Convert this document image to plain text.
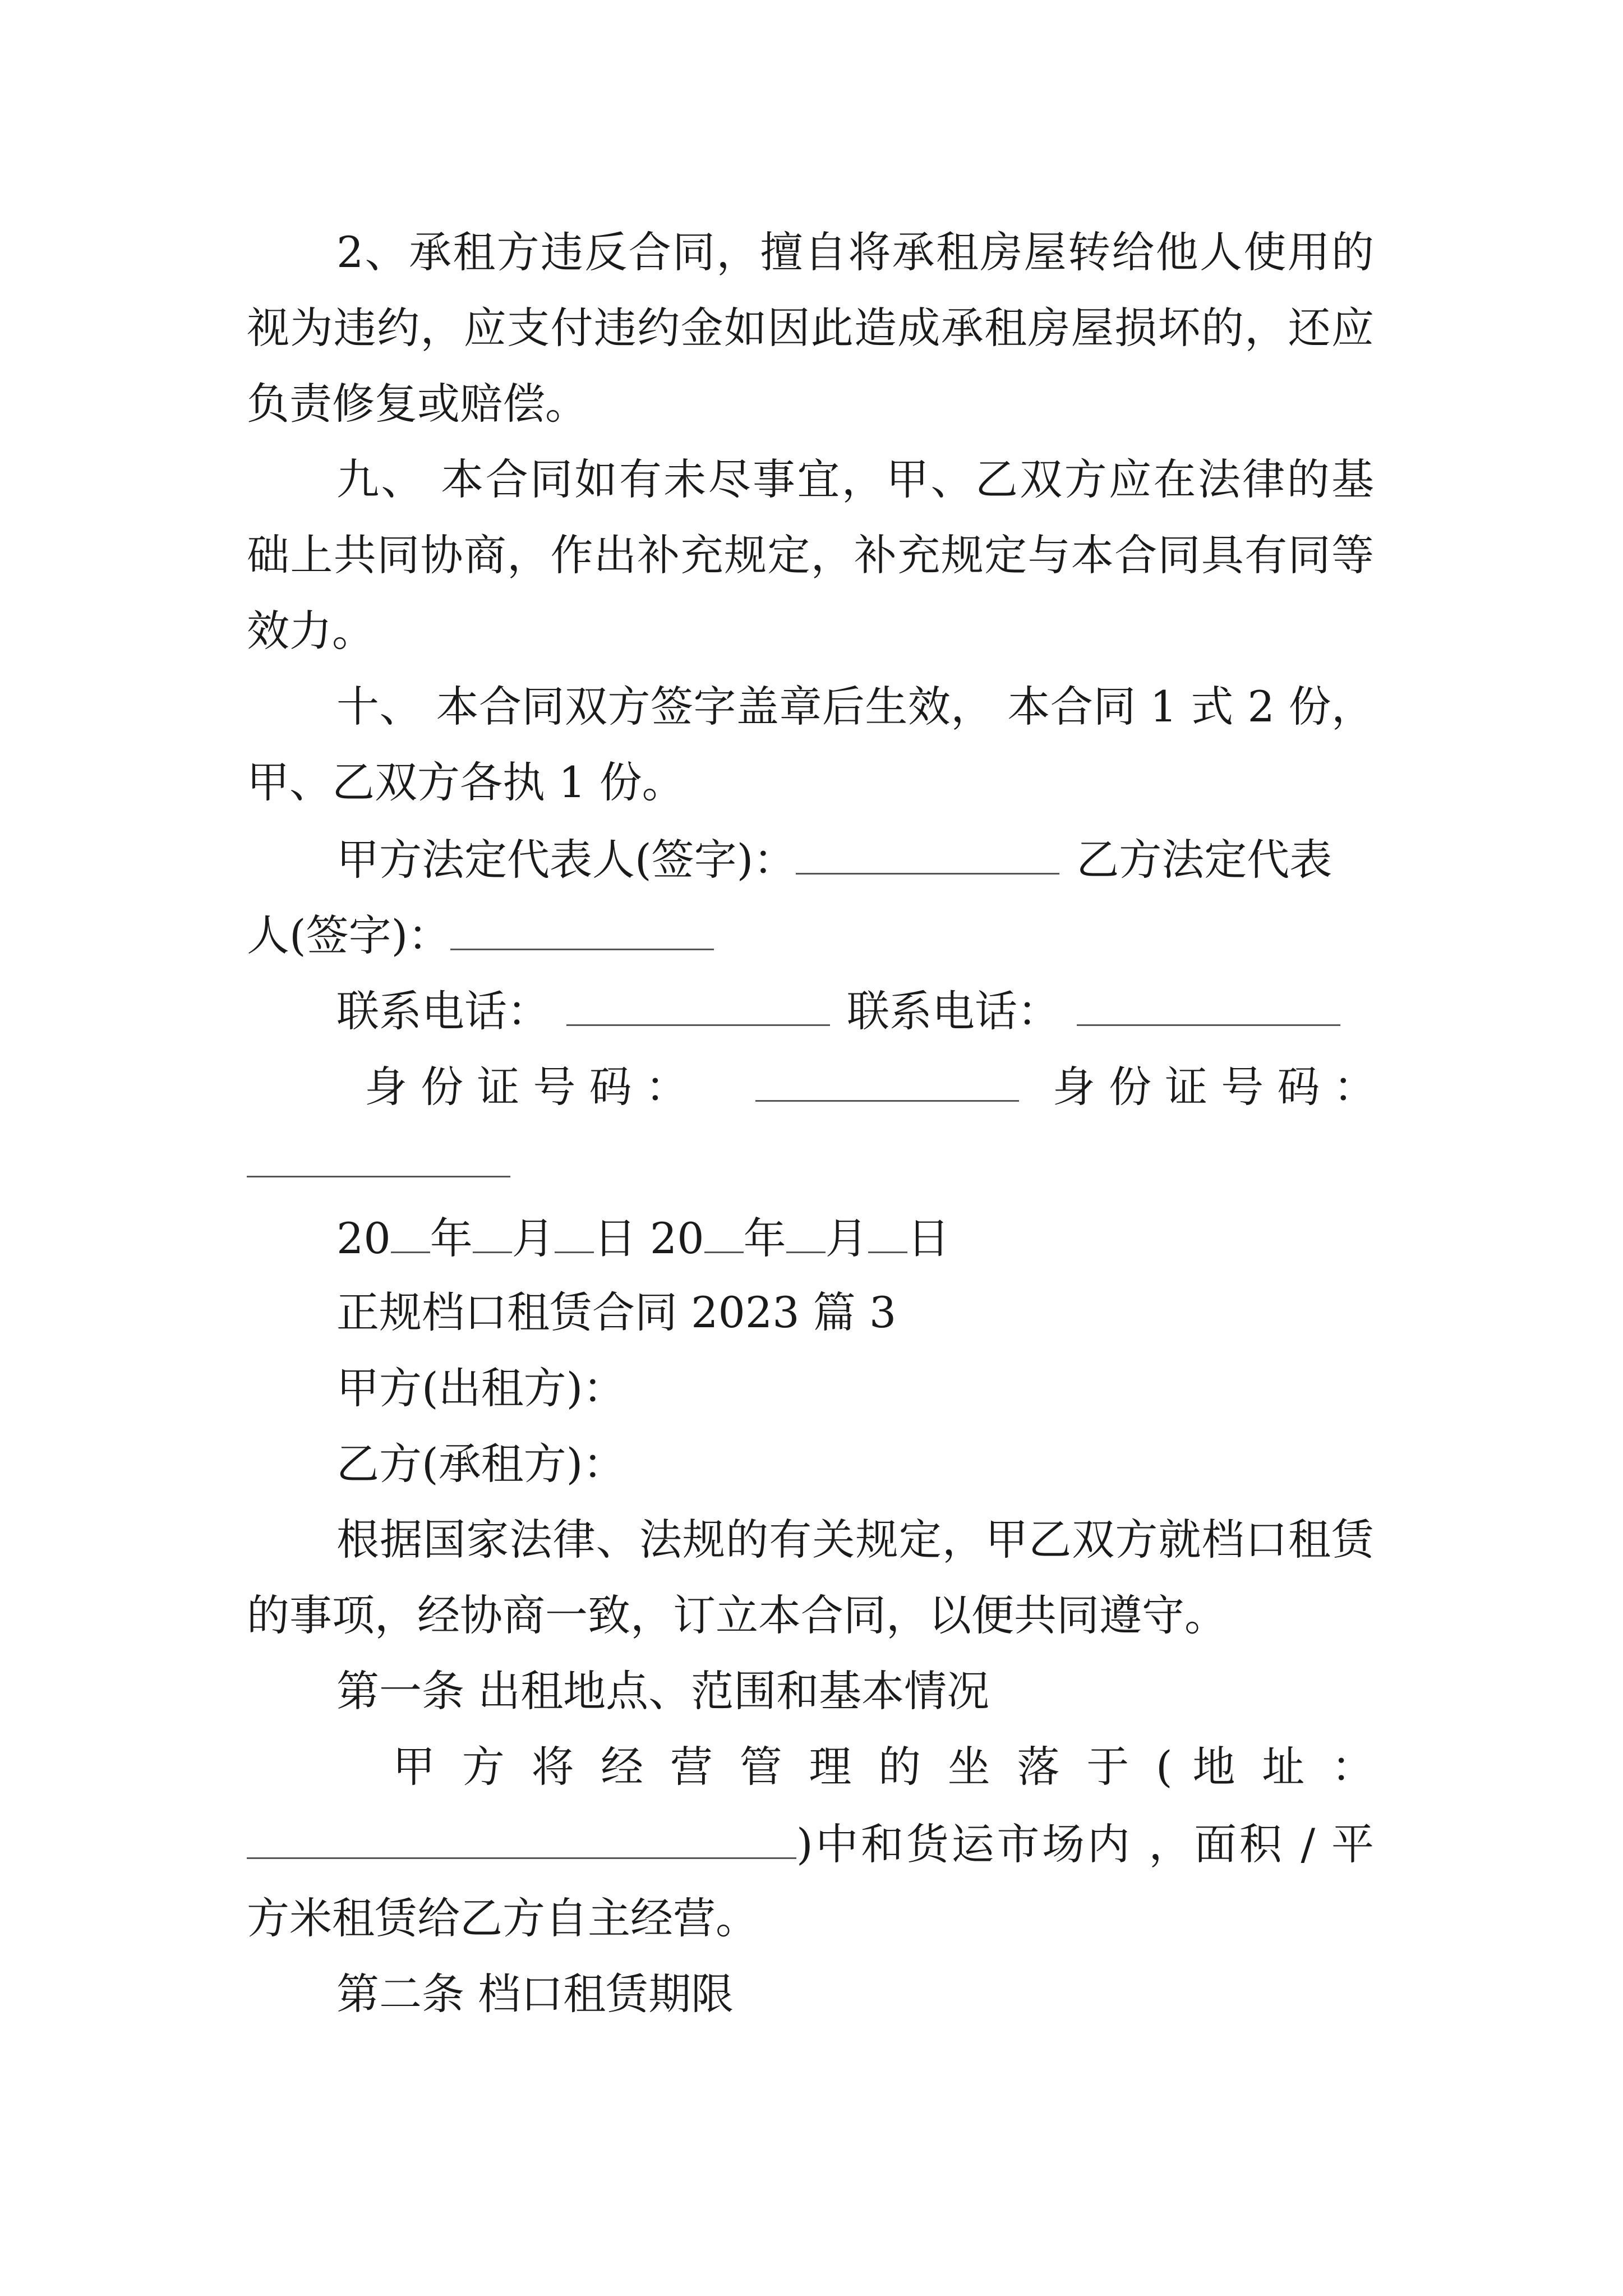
2、承租方违反合同，擅自将承租房屋转给他人使用的
视为违约，应支付违约金如因此造成承租房屋损坏的，还应
负责修复或赔偿。
九、 本合同如有未尽事宜，甲、乙双方应在法律的基
础上共同协商，作出补充规定，补充规定与本合同具有同等
效力。
十、 本合同双方签字盖章后生效， 本合同 1 式 2 份，
甲、乙双方各执 1 份。
甲方法定代表人(签字)：	乙方法定代表
人(签字)：
联系电话：	联系电话：
身 份 证 号 码 ：	身 份 证 号 码 ：
20 年 月 日 20 年 月 日
正规档口租赁合同 2023 篇 3
甲方(出租方)：
乙方(承租方)：
根据国家法律、法规的有关规定，甲乙双方就档口租赁
的事项，经协商一致，订立本合同，以便共同遵守。
第一条 出租地点、范围和基本情况
甲 方 将 经 营 管 理 的 坐 落 于 ( 地 址 ：
)中和货运市场内 ，面积 / 平
方米租赁给乙方自主经营。
第二条 档口租赁期限
